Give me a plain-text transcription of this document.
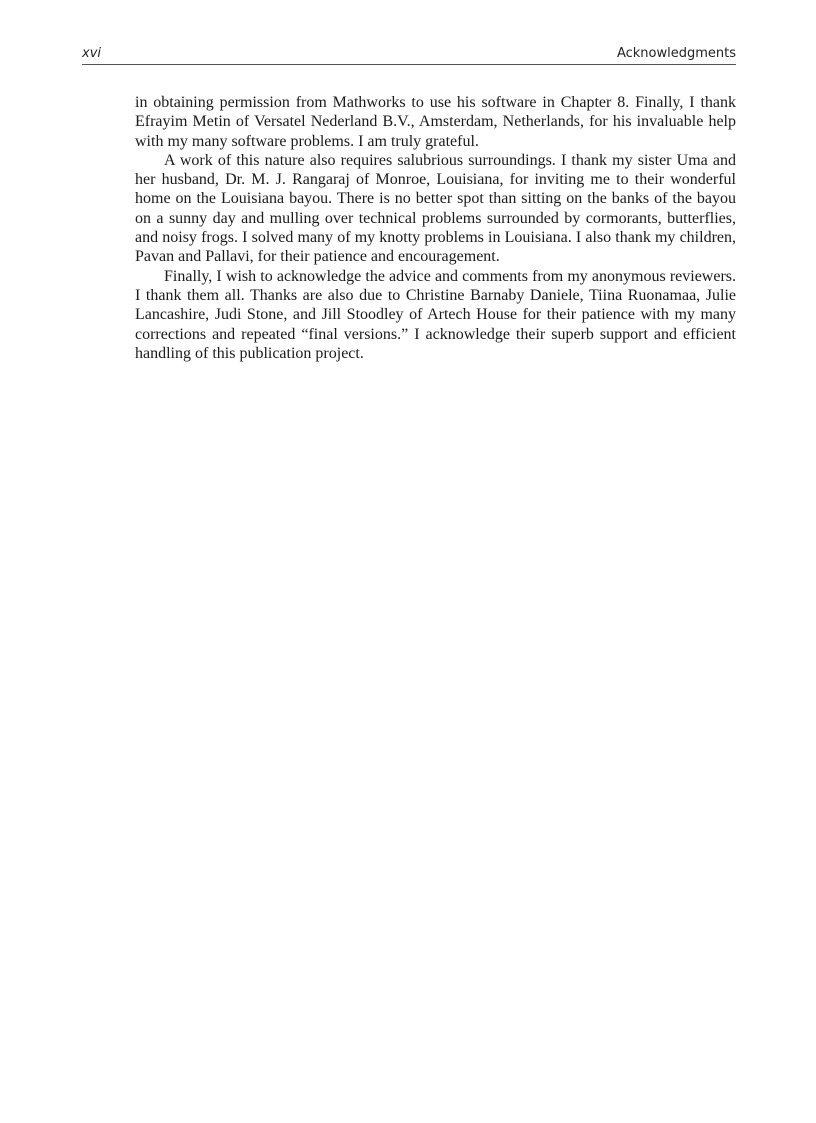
xvi	Acknowledgments

in obtaining permission from Mathworks to use his software in Chapter 8. Finally, I thank Efrayim Metin of Versatel Nederland B.V., Amsterdam, Netherlands, for his invaluable help with my many software problems. I am truly grateful.

A work of this nature also requires salubrious surroundings. I thank my sister Uma and her husband, Dr. M. J. Rangaraj of Monroe, Louisiana, for inviting me to their wonderful home on the Louisiana bayou. There is no better spot than sitting on the banks of the bayou on a sunny day and mulling over technical problems surrounded by cormorants, butterflies, and noisy frogs. I solved many of my knotty problems in Louisiana. I also thank my children, Pavan and Pallavi, for their patience and encouragement.

Finally, I wish to acknowledge the advice and comments from my anonymous reviewers. I thank them all. Thanks are also due to Christine Barnaby Daniele, Tiina Ruonamaa, Julie Lancashire, Judi Stone, and Jill Stoodley of Artech House for their patience with my many corrections and repeated “final versions.” I acknowledge their superb support and efficient handling of this publication project.
